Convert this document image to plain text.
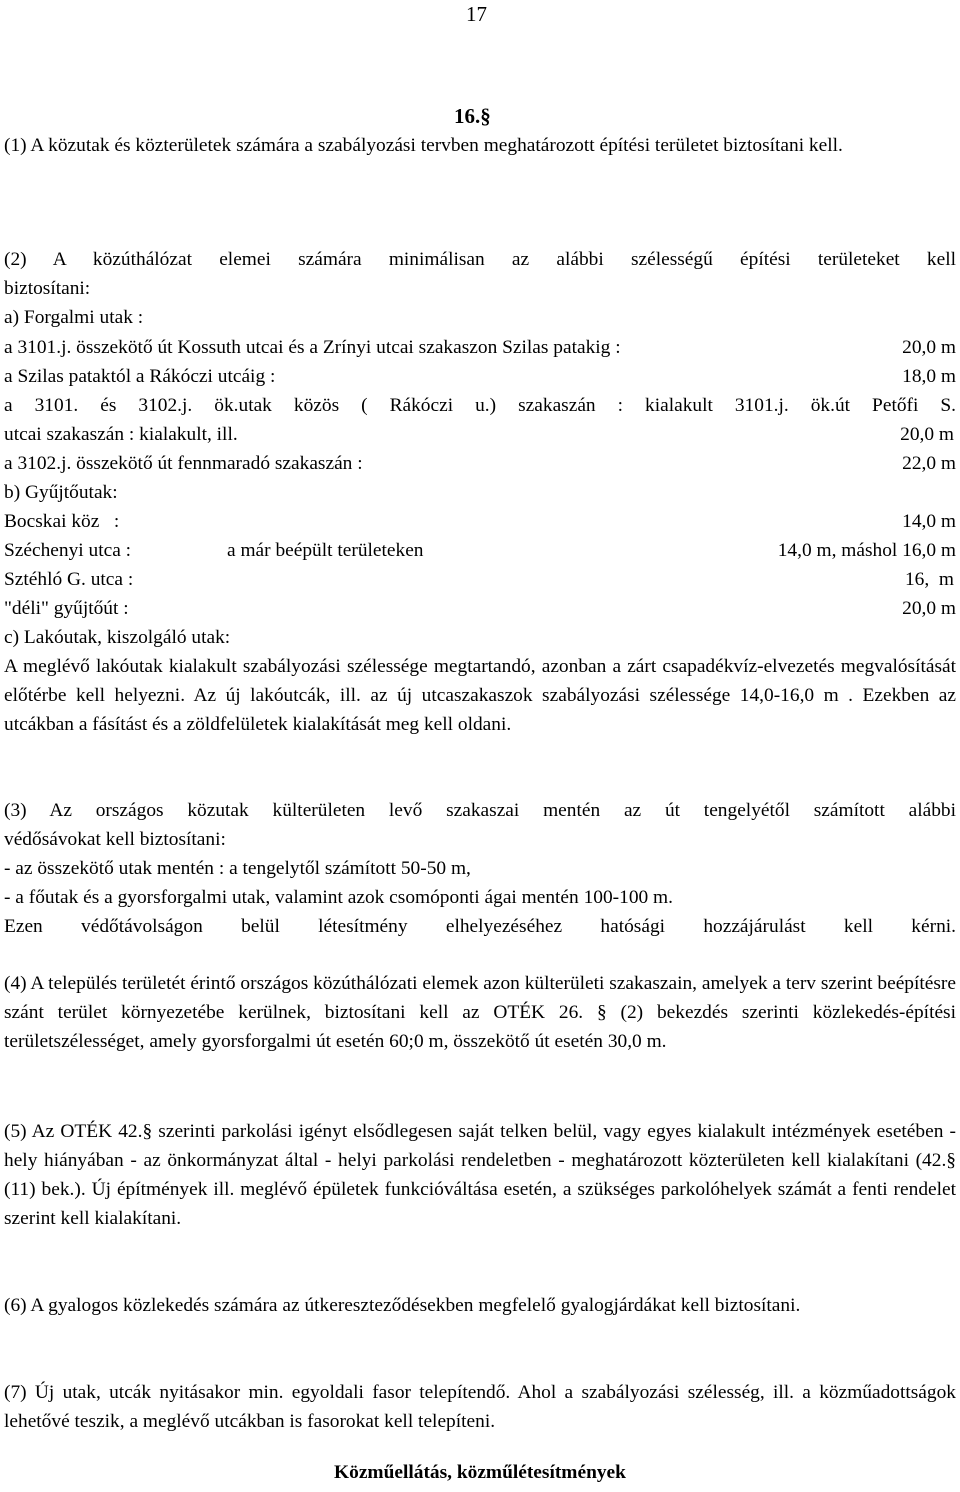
17
16.§
(1) A közutak és közterületek számára a szabályozási tervben meghatározott építési területet biztosítani kell.
(2) A közúthálózat elemei számára minimálisan az alábbi szélességű építési területeket kell
biztosítani:
a) Forgalmi utak :
a 3101.j. összekötő út Kossuth utcai és a Zrínyi utcai szakaszon Szilas patakig :	20,0 m
a Szilas pataktól a Rákóczi utcáig :	18,0 m
a 3101. és 3102.j. ök.utak közös ( Rákóczi u.) szakaszán : kialakult 3101.j. ök.út Petőfi S.
utcai szakaszán : kialakult, ill.	20,0 m
a 3102.j. összekötő út fennmaradó szakaszán :	22,0 m
b) Gyűjtőutak:
Bocskai köz   :	14,0 m
Széchenyi utca :	a már beépült területeken	14,0 m, máshol 16,0 m
Sztéhló G. utca :	16,  m
"déli" gyűjtőút :	20,0 m
c) Lakóutak, kiszolgáló utak:
A meglévő lakóutak kialakult szabályozási szélessége megtartandó, azonban a zárt csapadékvíz-elvezetés megvalósítását előtérbe kell helyezni. Az új lakóutcák, ill. az új utcaszakaszok szabályozási szélessége 14,0-16,0 m . Ezekben az utcákban a fásítást és a zöldfelületek kialakítását meg kell oldani.
(3) Az országos közutak külterületen levő szakaszai mentén az út tengelyétől számított alábbi
védősávokat kell biztosítani:
- az összekötő utak mentén : a tengelytől számított 50-50 m,
- a főutak és a gyorsforgalmi utak, valamint azok csomóponti ágai mentén 100-100 m.
Ezen védőtávolságon belül létesítmény elhelyezéséhez hatósági hozzájárulást kell kérni.
(4) A település területét érintő országos közúthálózati elemek azon külterületi szakaszain, amelyek a terv szerint beépítésre szánt terület környezetébe kerülnek, biztosítani kell az OTÉK 26. § (2) bekezdés szerinti közlekedés-építési területszélességet, amely gyorsforgalmi út esetén 60;0 m, összekötő út esetén 30,0 m.
(5) Az OTÉK 42.§ szerinti parkolási igényt elsődlegesen saját telken belül, vagy egyes kialakult intézmények esetében - hely hiányában - az önkormányzat által - helyi parkolási rendeletben - meghatározott közterületen kell kialakítani (42.§ (11) bek.). Új építmények ill. meglévő épületek funkcióváltása esetén, a szükséges parkolóhelyek számát a fenti rendelet szerint kell kialakítani.
(6) A gyalogos közlekedés számára az útkereszteződésekben megfelelő gyalogjárdákat kell biztosítani.
(7) Új utak, utcák nyitásakor min. egyoldali fasor telepítendő. Ahol a szabályozási szélesség, ill. a közműadottságok lehetővé teszik, a meglévő utcákban is fasorokat kell telepíteni.
Közműellátás, közműlétesítmények
